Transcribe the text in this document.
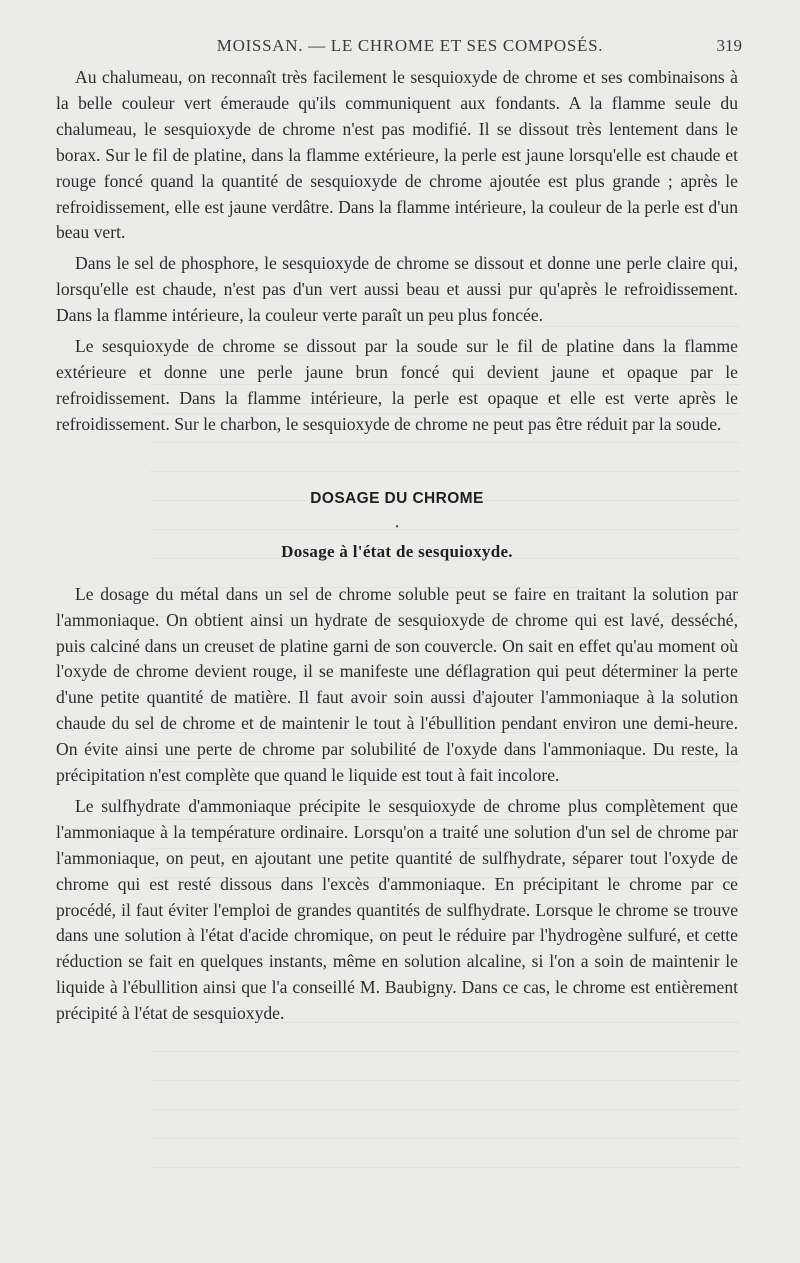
MOISSAN. — LE CHROME ET SES COMPOSÉS.	319

Au chalumeau, on reconnaît très facilement le sesquioxyde de chrome et ses combinaisons à la belle couleur vert émeraude qu'ils communiquent aux fondants. A la flamme seule du chalumeau, le sesquioxyde de chrome n'est pas modifié. Il se dissout très lentement dans le borax. Sur le fil de platine, dans la flamme extérieure, la perle est jaune lorsqu'elle est chaude et rouge foncé quand la quantité de sesquioxyde de chrome ajoutée est plus grande ; après le refroidissement, elle est jaune verdâtre. Dans la flamme intérieure, la couleur de la perle est d'un beau vert.

Dans le sel de phosphore, le sesquioxyde de chrome se dissout et donne une perle claire qui, lorsqu'elle est chaude, n'est pas d'un vert aussi beau et aussi pur qu'après le refroidissement. Dans la flamme intérieure, la couleur verte paraît un peu plus foncée.

Le sesquioxyde de chrome se dissout par la soude sur le fil de platine dans la flamme extérieure et donne une perle jaune brun foncé qui devient jaune et opaque par le refroidissement. Dans la flamme intérieure, la perle est opaque et elle est verte après le refroidissement. Sur le charbon, le sesquioxyde de chrome ne peut pas être réduit par la soude.

DOSAGE DU CHROME

•

Dosage à l'état de sesquioxyde.

Le dosage du métal dans un sel de chrome soluble peut se faire en traitant la solution par l'ammoniaque. On obtient ainsi un hydrate de sesquioxyde de chrome qui est lavé, desséché, puis calciné dans un creuset de platine garni de son couvercle. On sait en effet qu'au moment où l'oxyde de chrome devient rouge, il se manifeste une déflagration qui peut déterminer la perte d'une petite quantité de matière. Il faut avoir soin aussi d'ajouter l'ammoniaque à la solution chaude du sel de chrome et de maintenir le tout à l'ébullition pendant environ une demi-heure. On évite ainsi une perte de chrome par solubilité de l'oxyde dans l'ammoniaque. Du reste, la précipitation n'est complète que quand le liquide est tout à fait incolore.

Le sulfhydrate d'ammoniaque précipite le sesquioxyde de chrome plus complètement que l'ammoniaque à la température ordinaire. Lorsqu'on a traité une solution d'un sel de chrome par l'ammoniaque, on peut, en ajoutant une petite quantité de sulfhydrate, séparer tout l'oxyde de chrome qui est resté dissous dans l'excès d'ammoniaque. En précipitant le chrome par ce procédé, il faut éviter l'emploi de grandes quantités de sulfhydrate. Lorsque le chrome se trouve dans une solution à l'état d'acide chromique, on peut le réduire par l'hydrogène sulfuré, et cette réduction se fait en quelques instants, même en solution alcaline, si l'on a soin de maintenir le liquide à l'ébullition ainsi que l'a conseillé M. Baubigny. Dans ce cas, le chrome est entièrement précipité à l'état de sesquioxyde.
